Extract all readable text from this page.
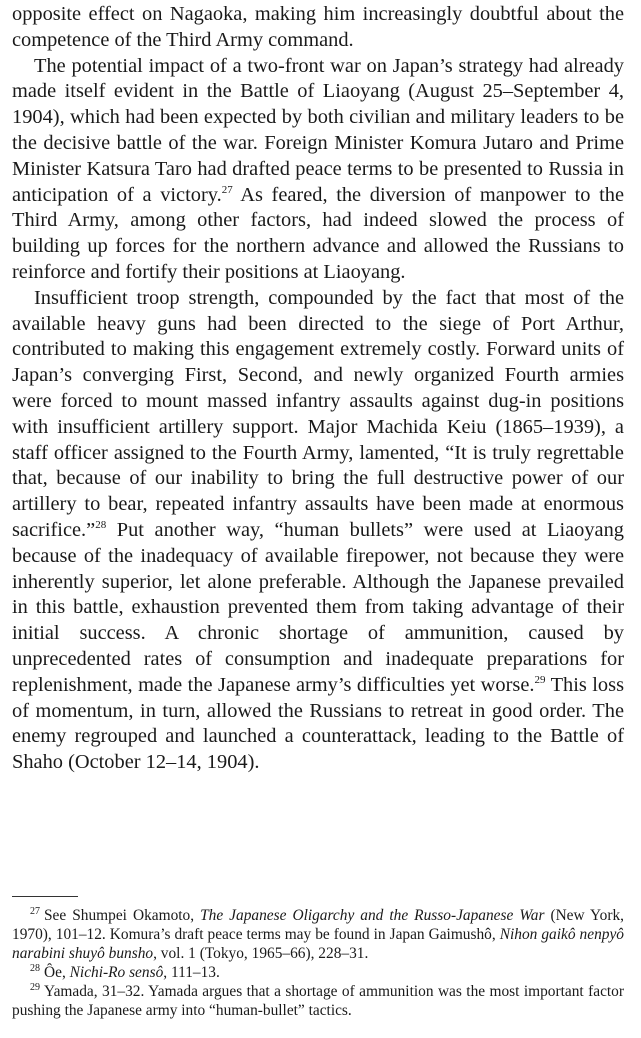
opposite effect on Nagaoka, making him increasingly doubtful about the competence of the Third Army command.

The potential impact of a two-front war on Japan’s strategy had already made itself evident in the Battle of Liaoyang (August 25–September 4, 1904), which had been expected by both civilian and military leaders to be the decisive battle of the war. Foreign Minister Komura Jutaro and Prime Minister Katsura Taro had drafted peace terms to be presented to Russia in anticipation of a victory.$^{27}$ As feared, the diversion of manpower to the Third Army, among other factors, had indeed slowed the process of building up forces for the northern advance and allowed the Russians to reinforce and fortify their positions at Liaoyang.

Insufficient troop strength, compounded by the fact that most of the available heavy guns had been directed to the siege of Port Arthur, contributed to making this engagement extremely costly. Forward units of Japan’s converging First, Second, and newly organized Fourth armies were forced to mount massed infantry assaults against dug-in positions with insufficient artillery support. Major Machida Keiu (1865–1939), a staff officer assigned to the Fourth Army, lamented, “It is truly regrettable that, because of our inability to bring the full destructive power of our artillery to bear, repeated infantry assaults have been made at enormous sacrifice.”$^{28}$ Put another way, “human bullets” were used at Liaoyang because of the inadequacy of available firepower, not because they were inherently superior, let alone preferable. Although the Japanese prevailed in this battle, exhaustion prevented them from taking advantage of their initial success. A chronic shortage of ammunition, caused by unprecedented rates of consumption and inadequate preparations for replenishment, made the Japanese army’s difficulties yet worse.$^{29}$ This loss of momentum, in turn, allowed the Russians to retreat in good order. The enemy regrouped and launched a counterattack, leading to the Battle of Shaho (October 12–14, 1904).

$^{27}$ See Shumpei Okamoto, The Japanese Oligarchy and the Russo-Japanese War (New York, 1970), 101–12. Komura’s draft peace terms may be found in Japan Gaimushô, Nihon gaikô nenpyô narabini shuyô bunsho, vol. 1 (Tokyo, 1965–66), 228–31.

$^{28}$ Ôe, Nichi-Ro sensô, 111–13.

$^{29}$ Yamada, 31–32. Yamada argues that a shortage of ammunition was the most important factor pushing the Japanese army into “human-bullet” tactics.
